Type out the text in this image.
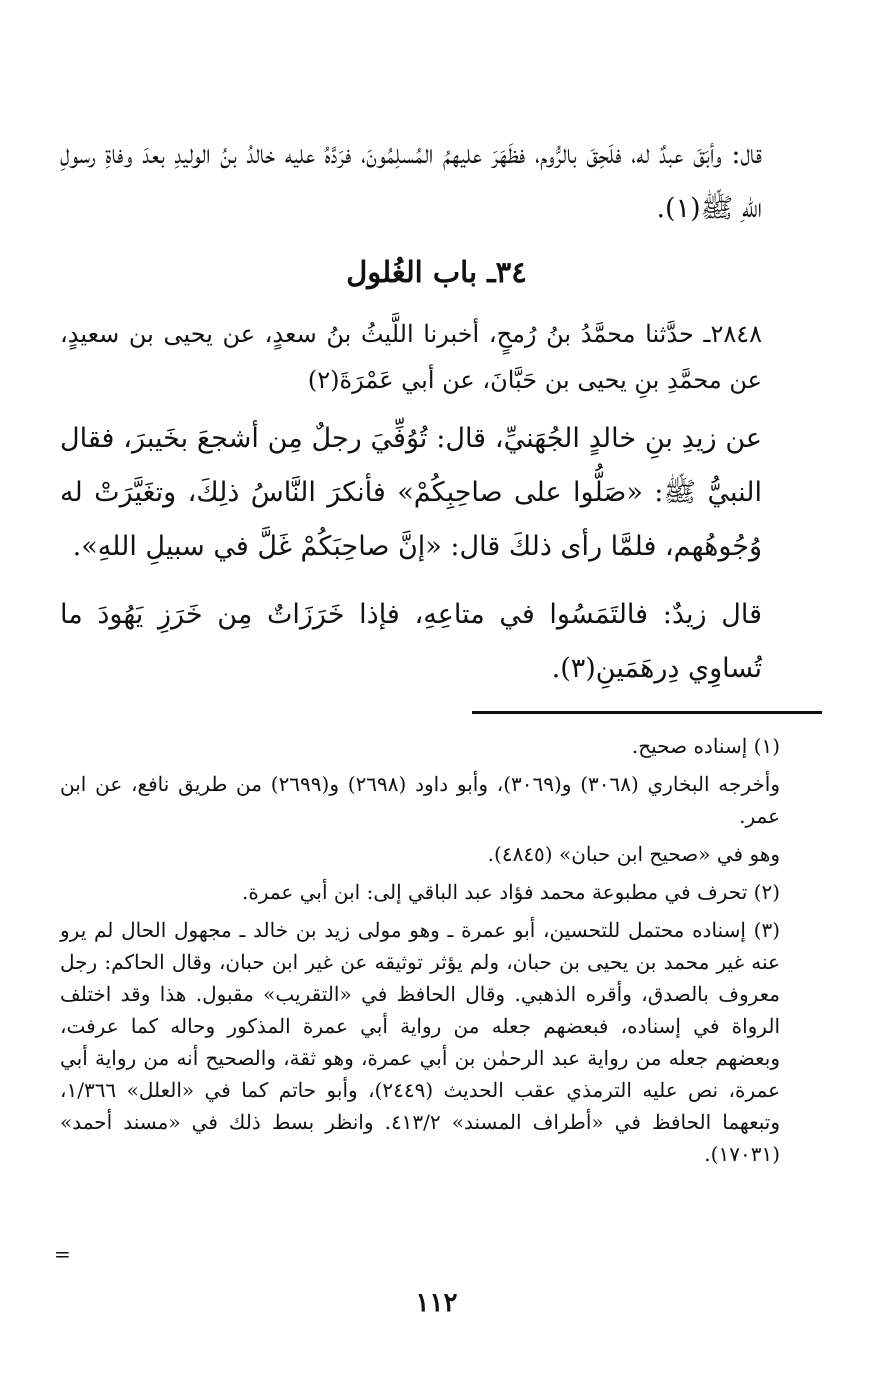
قال: وأبَقَ عبدٌ له، فلَحِقَ بالرُّوم، فظَهَرَ عليهمُ المُسلِمُونَ، فرَدَّهُ عليه خالدُ بنُ الوليدِ بعدَ وفاةِ رسولِ اللهِ ﷺ(١).

٣٤ـ باب الغُلول

٢٨٤٨ـ حدَّثنا محمَّدُ بنُ رُمحٍ، أخبرنا اللَّيثُ بنُ سعدٍ، عن يحيى بن سعيدٍ، عن محمَّدِ بنِ يحيى بن حَبَّانَ، عن أبي عَمْرَةَ(٢)

عن زيدِ بنِ خالدٍ الجُهَنيِّ، قال: تُوُفِّيَ رجلٌ مِن أشجعَ بخَيبرَ، فقال النبيُّ ﷺ: «صَلُّوا على صاحِبِكُمْ» فأنكرَ النَّاسُ ذلِكَ، وتغَيَّرَتْ له وُجُوهُهم، فلمَّا رأى ذلكَ قال: «إنَّ صاحِبَكُمْ غَلَّ في سبيلِ اللهِ».

قال زيدٌ: فالتَمَسُوا في متاعِهِ، فإذا خَرَزَاتٌ مِن خَرَزِ يَهُودَ ما تُساوِي دِرهَمَينِ(٣).

(١) إسناده صحيح.

وأخرجه البخاري (٣٠٦٨) و(٣٠٦٩)، وأبو داود (٢٦٩٨) و(٢٦٩٩) من طريق نافع، عن ابن عمر.

وهو في «صحيح ابن حبان» (٤٨٤٥).

(٢) تحرف في مطبوعة محمد فؤاد عبد الباقي إلى: ابن أبي عمرة.

(٣) إسناده محتمل للتحسين، أبو عمرة ـ وهو مولى زيد بن خالد ـ مجهول الحال لم يرو عنه غير محمد بن يحيى بن حبان، ولم يؤثر توثيقه عن غير ابن حبان، وقال الحاكم: رجل معروف بالصدق، وأقره الذهبي. وقال الحافظ في «التقريب» مقبول. هذا وقد اختلف الرواة في إسناده، فبعضهم جعله من رواية أبي عمرة المذكور وحاله كما عرفت، وبعضهم جعله من رواية عبد الرحمٰن بن أبي عمرة، وهو ثقة، والصحيح أنه من رواية أبي عمرة، نص عليه الترمذي عقب الحديث (٢٤٤٩)، وأبو حاتم كما في «العلل» ١/٣٦٦، وتبعهما الحافظ في «أطراف المسند» ٤١٣/٢. وانظر بسط ذلك في «مسند أحمد» (١٧٠٣١).

=
١١٢
